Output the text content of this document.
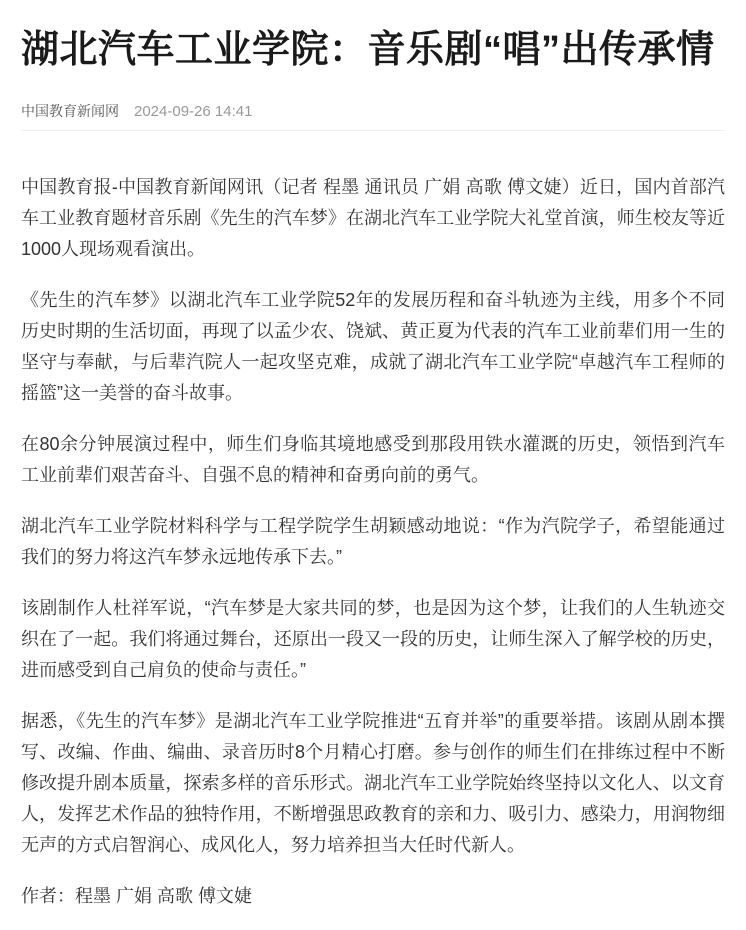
湖北汽车工业学院：音乐剧“唱”出传承情
中国教育新闻网 2024-09-26 14:41

中国教育报-中国教育新闻网讯（记者 程墨 通讯员 广娟 高歌 傅文婕）近日，国内首部汽车工业教育题材音乐剧《先生的汽车梦》在湖北汽车工业学院大礼堂首演，师生校友等近1000人现场观看演出。

《先生的汽车梦》以湖北汽车工业学院52年的发展历程和奋斗轨迹为主线，用多个不同历史时期的生活切面，再现了以孟少农、饶斌、黄正夏为代表的汽车工业前辈们用一生的坚守与奉献，与后辈汽院人一起攻坚克难，成就了湖北汽车工业学院“卓越汽车工程师的摇篮”这一美誉的奋斗故事。

在80余分钟展演过程中，师生们身临其境地感受到那段用铁水灌溉的历史，领悟到汽车工业前辈们艰苦奋斗、自强不息的精神和奋勇向前的勇气。

湖北汽车工业学院材料科学与工程学院学生胡颖感动地说：“作为汽院学子，希望能通过我们的努力将这汽车梦永远地传承下去。”

该剧制作人杜祥军说，“汽车梦是大家共同的梦，也是因为这个梦，让我们的人生轨迹交织在了一起。我们将通过舞台，还原出一段又一段的历史，让师生深入了解学校的历史，进而感受到自己肩负的使命与责任。”

据悉，《先生的汽车梦》是湖北汽车工业学院推进“五育并举”的重要举措。该剧从剧本撰写、改编、作曲、编曲、录音历时8个月精心打磨。参与创作的师生们在排练过程中不断修改提升剧本质量，探索多样的音乐形式。湖北汽车工业学院始终坚持以文化人、以文育人，发挥艺术作品的独特作用，不断增强思政教育的亲和力、吸引力、感染力，用润物细无声的方式启智润心、成风化人，努力培养担当大任时代新人。

作者：程墨 广娟 高歌 傅文婕
